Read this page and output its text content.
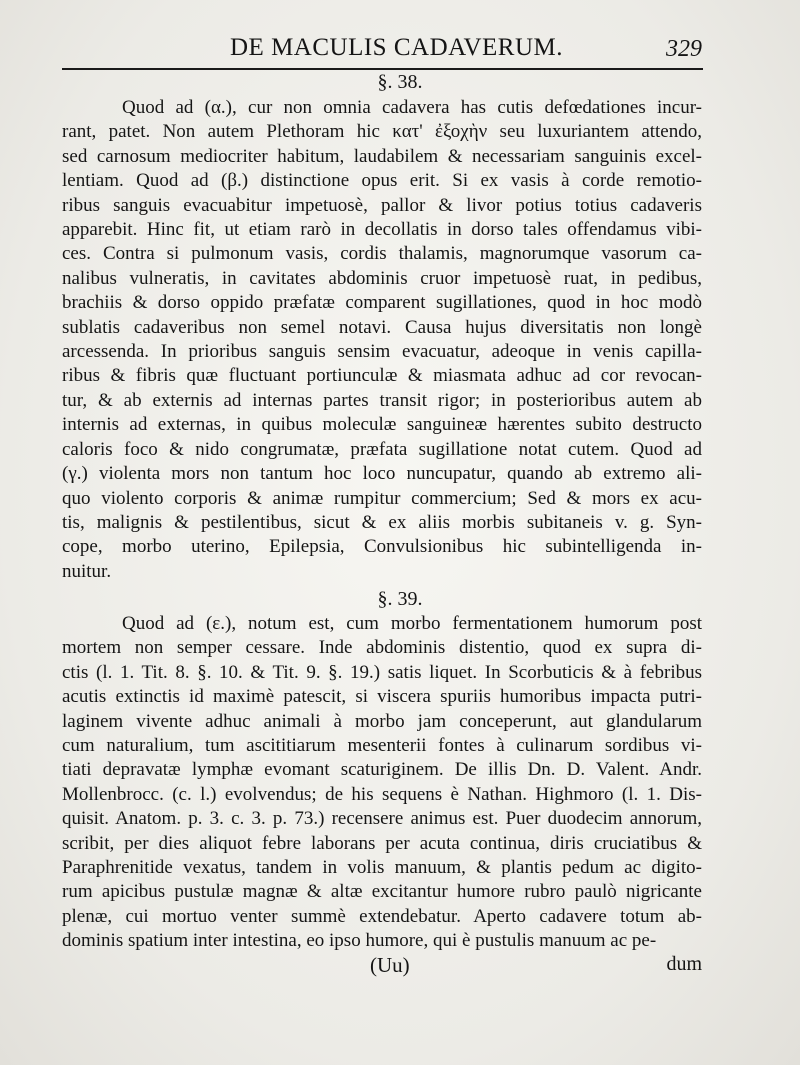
DE MACULIS CADAVERUM.	329

§. 38.

Quod ad (α.), cur non omnia cadavera has cutis defœdationes incur-
rant, patet. Non autem Plethoram hic κατ' ἐξοχὴν seu luxuriantem attendo,
sed carnosum mediocriter habitum, laudabilem & necessariam sanguinis excel-
lentiam. Quod ad (β.) distinctione opus erit. Si ex vasis à corde remotio-
ribus sanguis evacuabitur impetuosè, pallor & livor potius totius cadaveris
apparebit. Hinc fit, ut etiam rarò in decollatis in dorso tales offendamus vibi-
ces. Contra si pulmonum vasis, cordis thalamis, magnorumque vasorum ca-
nalibus vulneratis, in cavitates abdominis cruor impetuosè ruat, in pedibus,
brachiis & dorso oppido præfatæ comparent sugillationes, quod in hoc modò
sublatis cadaveribus non semel notavi. Causa hujus diversitatis non longè
arcessenda. In prioribus sanguis sensim evacuatur, adeoque in venis capilla-
ribus & fibris quæ fluctuant portiunculæ & miasmata adhuc ad cor revocan-
tur, & ab externis ad internas partes transit rigor; in posterioribus autem ab
internis ad externas, in quibus moleculæ sanguineæ hærentes subito destructo
caloris foco & nido congrumatæ, præfata sugillatione notat cutem. Quod ad
(γ.) violenta mors non tantum hoc loco nuncupatur, quando ab extremo ali-
quo violento corporis & animæ rumpitur commercium; Sed & mors ex acu-
tis, malignis & pestilentibus, sicut & ex aliis morbis subitaneis v. g. Syn-
cope, morbo uterino, Epilepsia, Convulsionibus hic subintelligenda in-
nuitur.

§. 39.

Quod ad (ε.), notum est, cum morbo fermentationem humorum post
mortem non semper cessare. Inde abdominis distentio, quod ex supra di-
ctis (l. 1. Tit. 8. §. 10. & Tit. 9. §. 19.) satis liquet. In Scorbuticis & à febribus
acutis extinctis id maximè patescit, si viscera spuriis humoribus impacta putri-
laginem vivente adhuc animali à morbo jam conceperunt, aut glandularum
cum naturalium, tum ascititiarum mesenterii fontes à culinarum sordibus vi-
tiati depravatæ lymphæ evomant scaturiginem. De illis Dn. D. Valent. Andr.
Mollenbrocc. (c. l.) evolvendus; de his sequens è Nathan. Highmoro (l. 1. Dis-
quisit. Anatom. p. 3. c. 3. p. 73.) recensere animus est. Puer duodecim annorum,
scribit, per dies aliquot febre laborans per acuta continua, diris cruciatibus &
Paraphrenitide vexatus, tandem in volis manuum, & plantis pedum ac digito-
rum apicibus pustulæ magnæ & altæ excitantur humore rubro paulò nigricante
plenæ, cui mortuo venter summè extendebatur. Aperto cadavere totum ab-
dominis spatium inter intestina, eo ipso humore, qui è pustulis manuum ac pe-
(Uu)	dum
